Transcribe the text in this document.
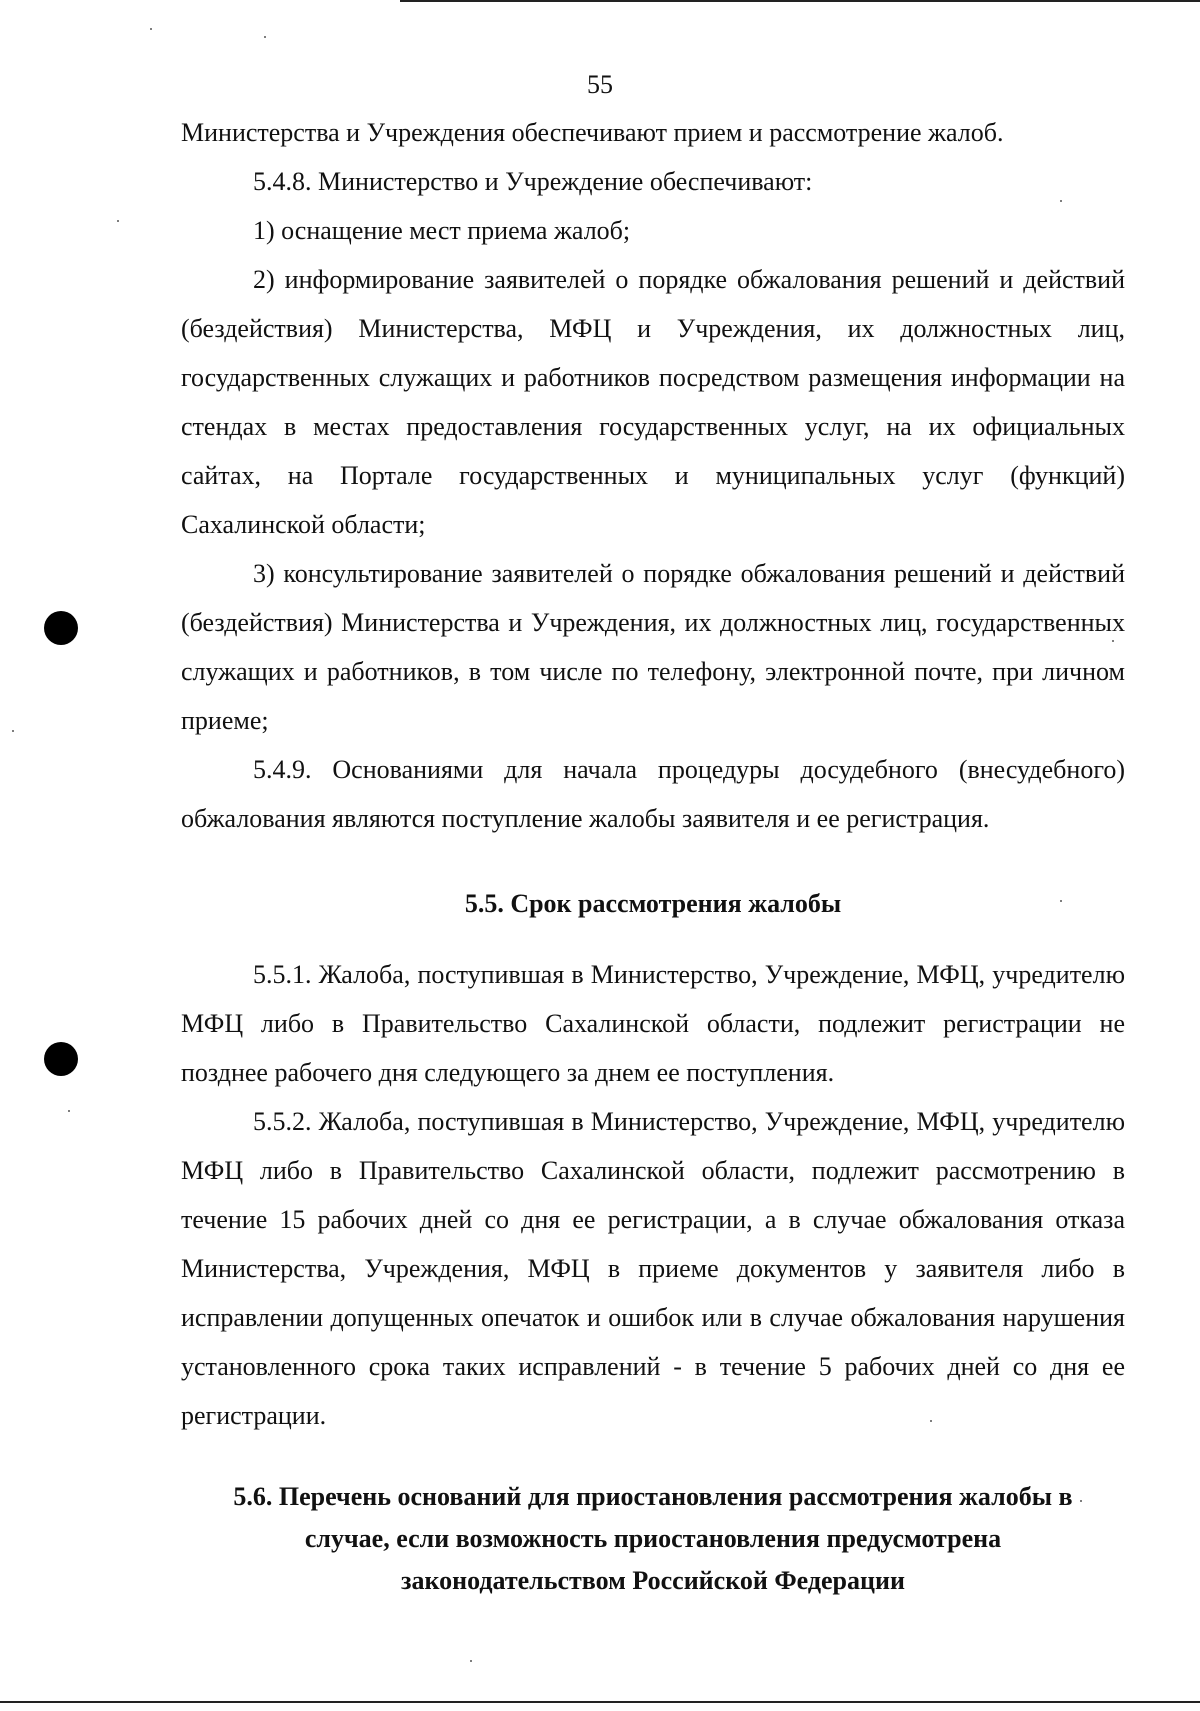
55

Министерства и Учреждения обеспечивают прием и рассмотрение жалоб.

5.4.8. Министерство и Учреждение обеспечивают:

1) оснащение мест приема жалоб;

2) информирование заявителей о порядке обжалования решений и действий (бездействия) Министерства, МФЦ и Учреждения, их должностных лиц, государственных служащих и работников посредством размещения информации на стендах в местах предоставления государственных услуг, на их официальных сайтах, на Портале государственных и муниципальных услуг (функций) Сахалинской области;

3) консультирование заявителей о порядке обжалования решений и действий (бездействия) Министерства и Учреждения, их должностных лиц, государственных служащих и работников, в том числе по телефону, электронной почте, при личном приеме;

5.4.9. Основаниями для начала процедуры досудебного (внесудебного) обжалования являются поступление жалобы заявителя и ее регистрация.

5.5. Срок рассмотрения жалобы

5.5.1. Жалоба, поступившая в Министерство, Учреждение, МФЦ, учредителю МФЦ либо в Правительство Сахалинской области, подлежит регистрации не позднее рабочего дня следующего за днем ее поступления.

5.5.2. Жалоба, поступившая в Министерство, Учреждение, МФЦ, учредителю МФЦ либо в Правительство Сахалинской области, подлежит рассмотрению в течение 15 рабочих дней со дня ее регистрации, а в случае обжалования отказа Министерства, Учреждения, МФЦ в приеме документов у заявителя либо в исправлении допущенных опечаток и ошибок или в случае обжалования нарушения установленного срока таких исправлений - в течение 5 рабочих дней со дня ее регистрации.

5.6. Перечень оснований для приостановления рассмотрения жалобы в
случае, если возможность приостановления предусмотрена
законодательством Российской Федерации
